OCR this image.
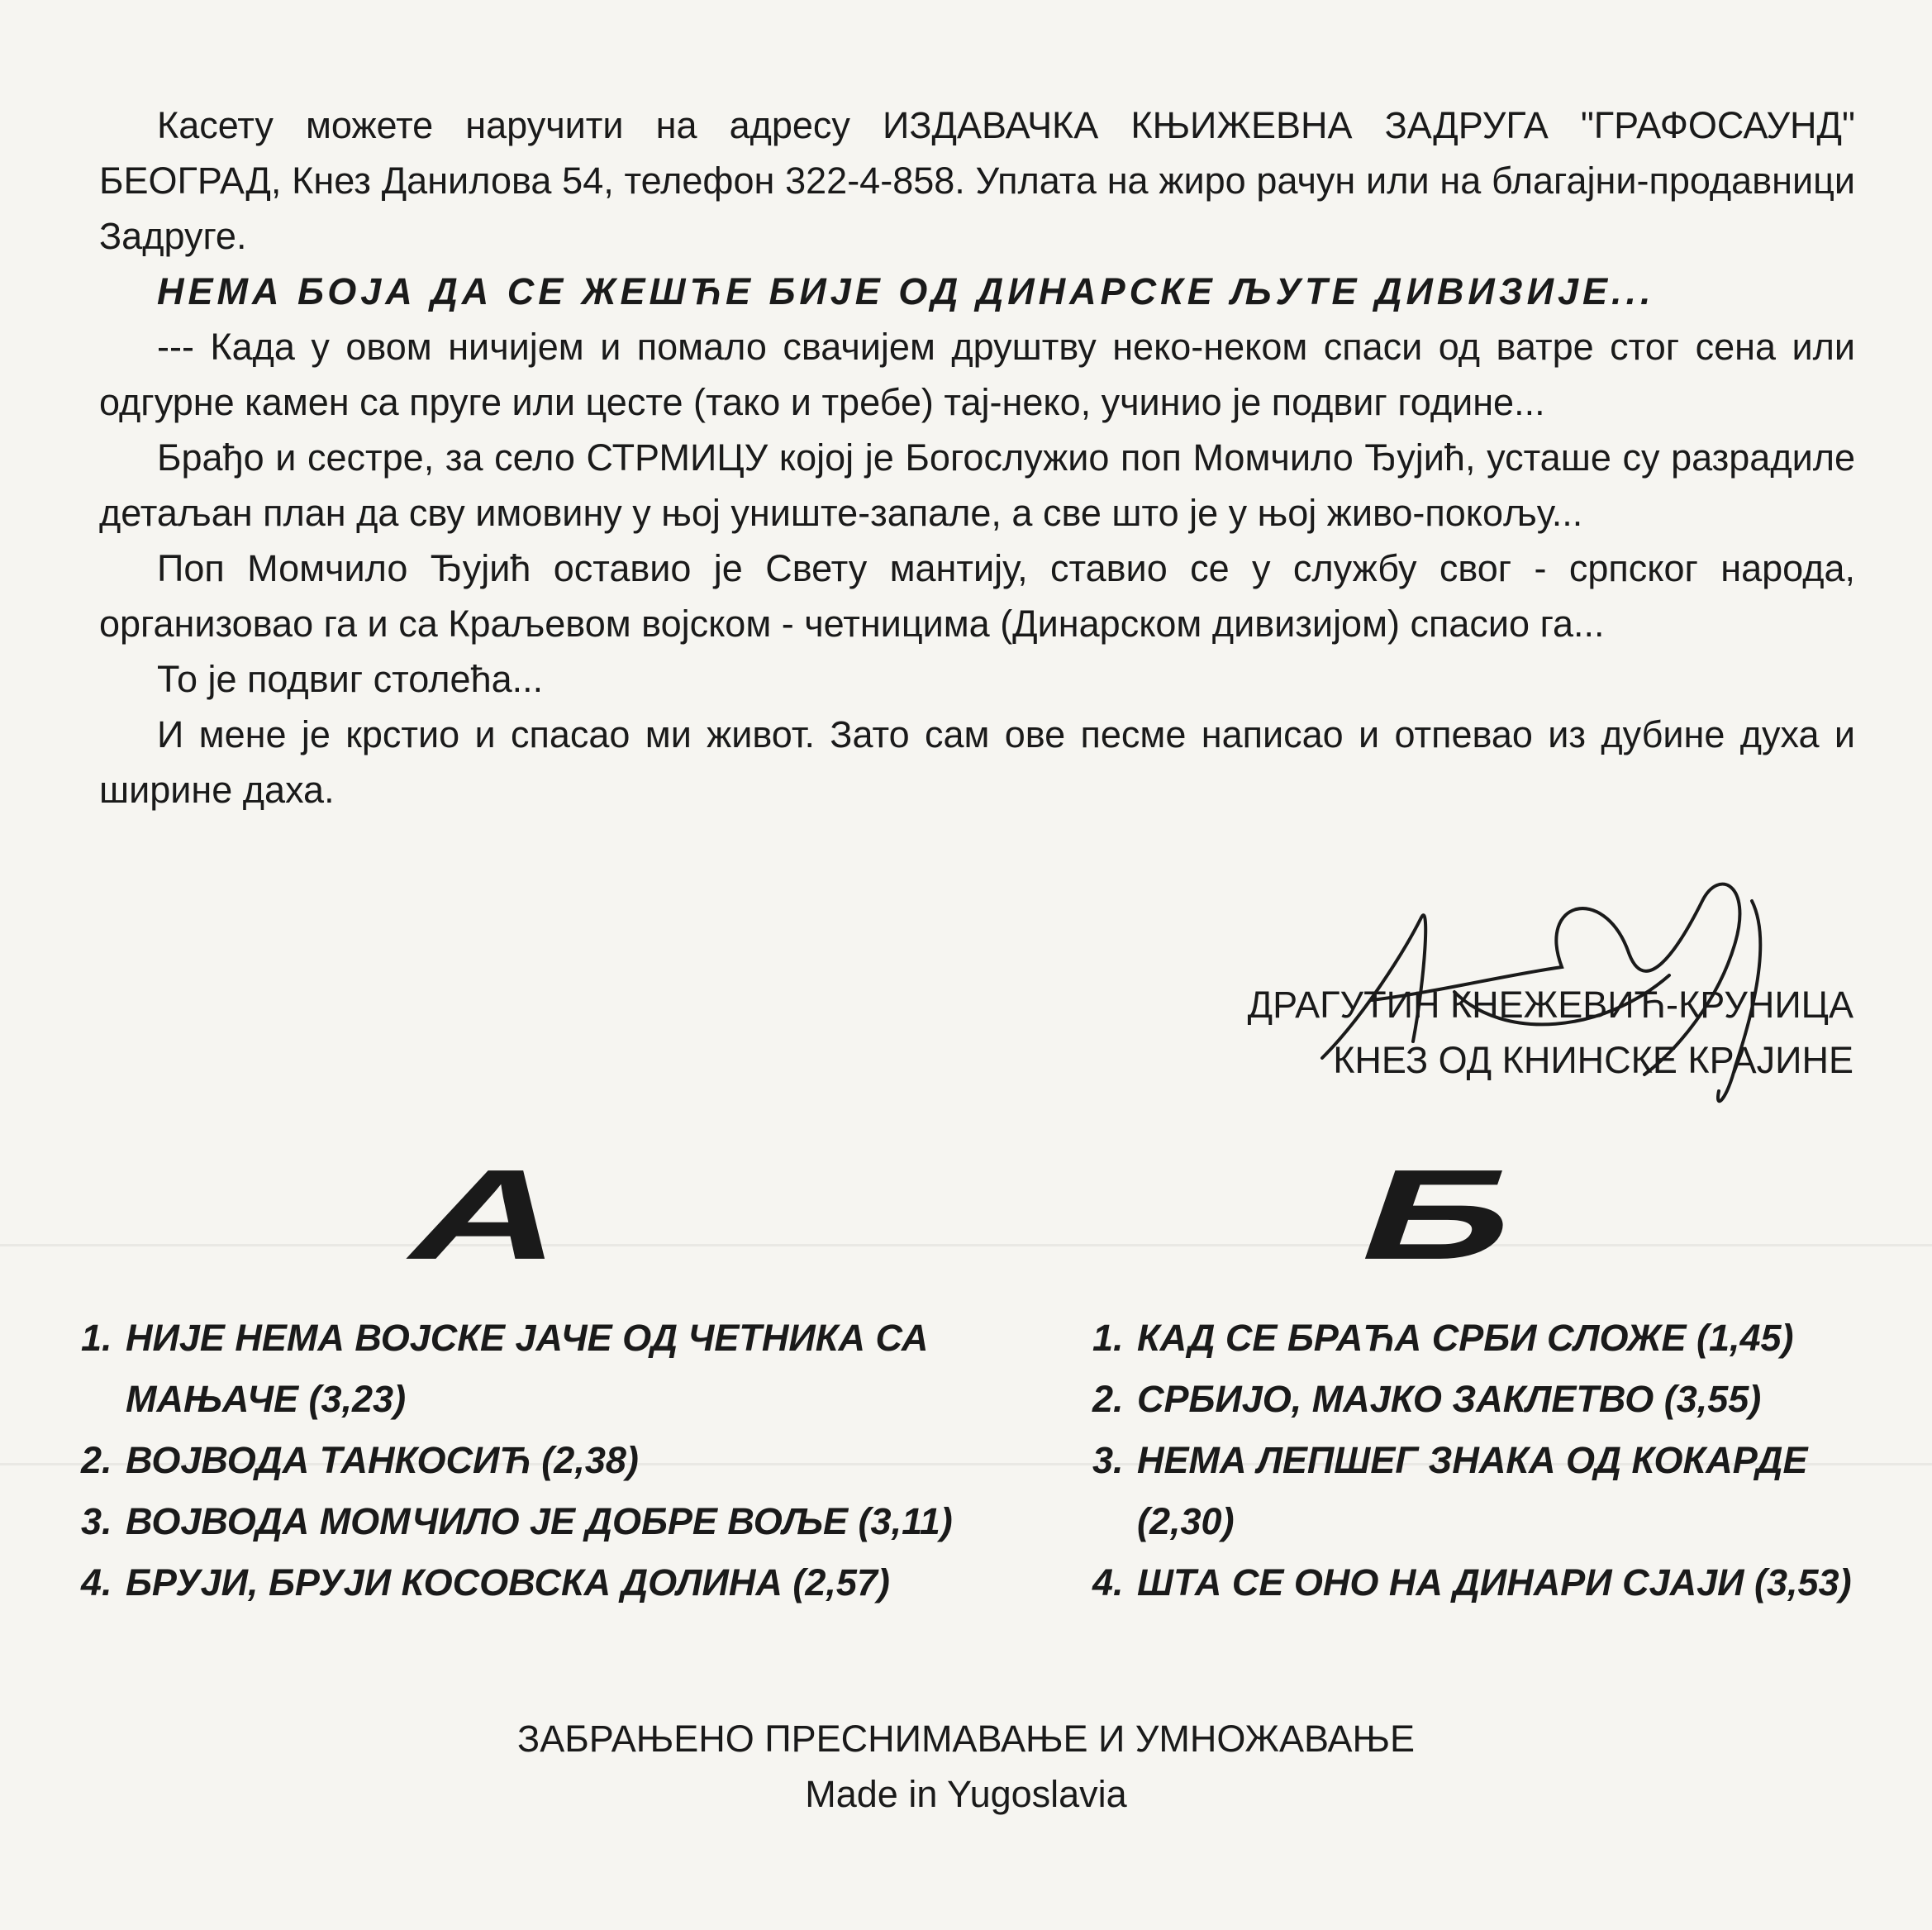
Касету можете наручити на адресу ИЗДАВАЧКА КЊИЖЕВНА ЗАДРУГА "ГРАФОСАУНД" БЕОГРАД, Кнез Данилова 54, телефон 322-4-858. Уплата на жиро рачун или на благајни-продавници Задруге.

НЕМА БОЈА ДА СЕ ЖЕШЋЕ БИЈЕ ОД ДИНАРСКЕ ЉУТЕ ДИВИЗИЈЕ...

--- Када у овом ничијем и помало свачијем друштву неко-неком спаси од ватре стог сена или одгурне камен са пруге или цесте (тако и требе) тај-неко, учинио је подвиг године...

Брађо и сестре, за село СТРМИЦУ којој је Богослужио поп Момчило Ђујић, усташе су разрадиле детаљан план да сву имовину у њој униште-запале, а све што је у њој живо-покољу...

Поп Момчило Ђујић оставио је Свету мантију, ставио се у службу свог - српског народа, организовао га и са Краљевом војском - четницима (Динарском дивизијом) спасио га...

То је подвиг столећа...

И мене је крстио и спасао ми живот. Зато сам ове песме написао и отпевао из дубине духа и ширине даха.

ДРАГУТИН КНЕЖЕВИЋ-КРУНИЦА
КНЕЗ ОД КНИНСКЕ КРАЈИНЕ
А	Б
1. НИЈЕ НЕМА ВОЈСКЕ ЈАЧЕ ОД ЧЕТНИКА СА МАЊАЧЕ (3,23)
2. ВОЈВОДА ТАНКОСИЋ (2,38)
3. ВОЈВОДА МОМЧИЛО ЈЕ ДОБРЕ ВОЉЕ (3,11)
4. БРУЈИ, БРУЈИ КОСОВСКА ДОЛИНА (2,57)
1. КАД СЕ БРАЋА СРБИ СЛОЖЕ (1,45)
2. СРБИЈО, МАЈКО ЗАКЛЕТВО (3,55)
3. НЕМА ЛЕПШЕГ ЗНАКА ОД КОКАРДЕ (2,30)
4. ШТА СЕ ОНО НА ДИНАРИ СЈАЈИ (3,53)
ЗАБРАЊЕНО ПРЕСНИМАВАЊЕ И УМНОЖАВАЊЕ
Made in Yugoslavia
